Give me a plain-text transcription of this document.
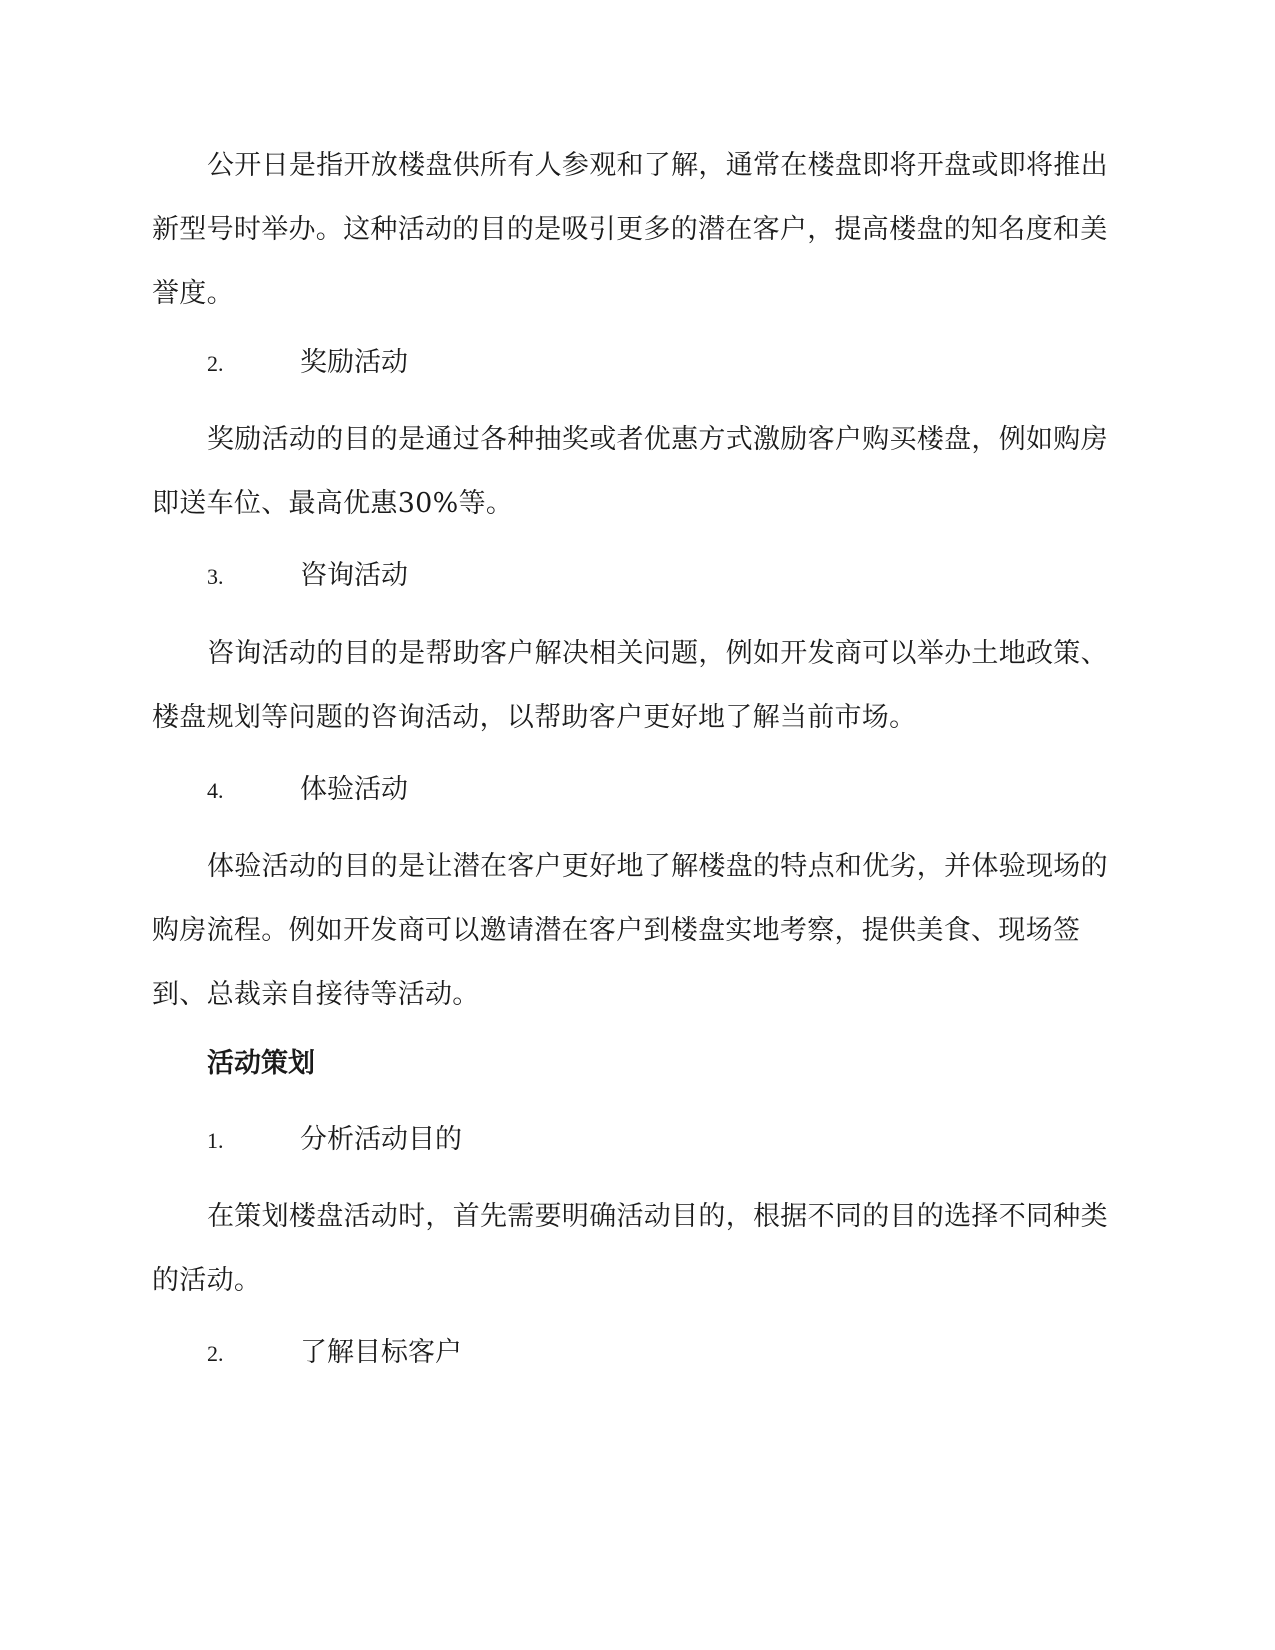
公开日是指开放楼盘供所有人参观和了解，通常在楼盘即将开盘或即将推出新型号时举办。这种活动的目的是吸引更多的潜在客户，提高楼盘的知名度和美誉度。

2.	奖励活动

奖励活动的目的是通过各种抽奖或者优惠方式激励客户购买楼盘，例如购房即送车位、最高优惠30%等。

3.	咨询活动

咨询活动的目的是帮助客户解决相关问题，例如开发商可以举办土地政策、楼盘规划等问题的咨询活动，以帮助客户更好地了解当前市场。

4.	体验活动

体验活动的目的是让潜在客户更好地了解楼盘的特点和优劣，并体验现场的购房流程。例如开发商可以邀请潜在客户到楼盘实地考察，提供美食、现场签到、总裁亲自接待等活动。

活动策划
1.	分析活动目的

在策划楼盘活动时，首先需要明确活动目的，根据不同的目的选择不同种类的活动。

2.	了解目标客户
